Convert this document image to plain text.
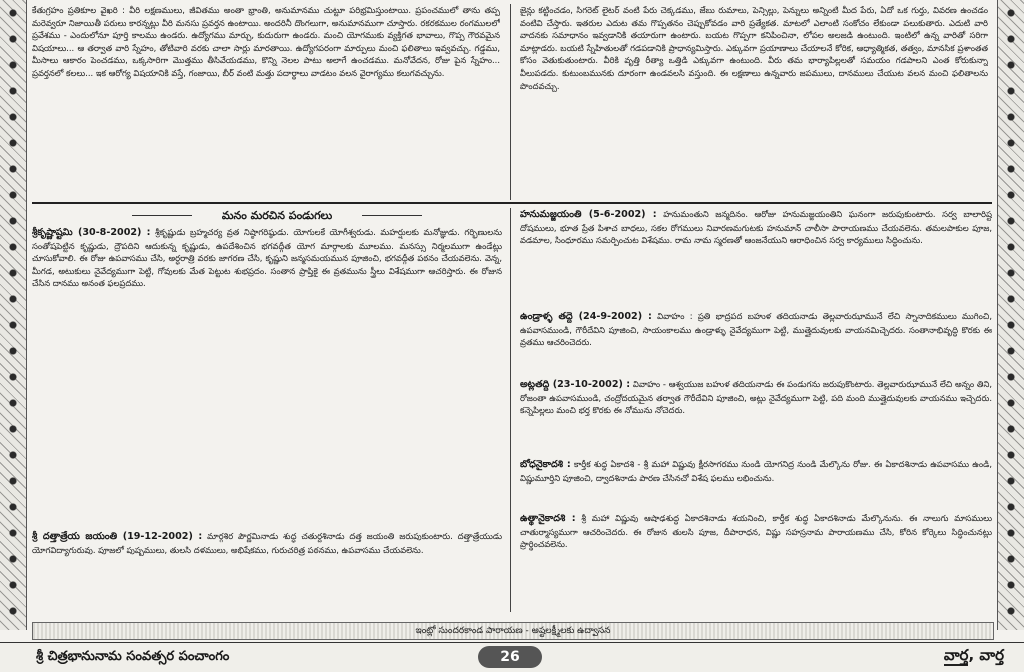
కేతుగ్రహం ప్రతికూల వైఖరి : వీరి లక్షణములు, జీవితము అంతా భ్రాంతి, అనుమానము చుట్టూ పరిభ్రమిస్తుంటాయి. ప్రపంచములో తాను తప్ప మరెవ్వరూ నిజాయితీ పరులు కారన్నట్లు వీరి మనసు ప్రవర్తన ఉంటాయి. అందరినీ దొంగలుగా, అనుమానముగా చూస్తారు. రకరకముల రంగములలో ప్రవేశము - ఎందులోనూ పూర్తి కాలము ఉండరు. ఉద్యోగము మార్చు, కుదురుగా ఉండరు. మంచి యోగముకు వ్యక్తిగత భావాలు, గొప్ప గౌరవమైన విషయాలు... ఆ తర్వాత వారి స్నేహం, తోటివారి వరకు చాలా సార్లు మారతాయి. ఉద్యోగపరంగా మార్పులు మంచి ఫలితాలు ఇవ్వవచ్చు. గడ్డము, మీసాలు ఆకారం పెంచడము, ఒక్కసారిగా మొత్తము తీసివేయడము, కొన్ని నెలల పాటు అలాగే ఉంచడము. మనోవేదన, రోజు పైన స్నేహం... ప్రవర్తనలో కలలు... ఇక ఆరోగ్య విషయానికి వస్తే, గంజాయి, బీర్ వంటి మత్తు పదార్థాలు వాడటం వలన వైరాగ్యము కలుగవచ్చును.

జైన్లు కట్టించడం, సిగరెట్ లైటర్ వంటి పేరు చెక్కడము, జేబు రుమాలు, పెన్సిల్లు, పెన్నులు అన్నింటి మీద పేరు, ఏదో ఒక గుర్తు, వివరణ ఉంచడం వంటివి చేస్తారు. ఇతరుల ఎదుట తమ గొప్పతనం చెప్పుకోవడం వారి ప్రత్యేకత. మాటలో ఎలాంటి సంకోచం లేకుండా పలుకుతారు. ఎదుటి వారి వాదనకు సమాధానం ఇవ్వడానికి తయారుగా ఉంటారు. బయట గొప్పగా కనిపించినా, లోపల అలజడి ఉంటుంది. ఇంటిలో ఉన్న వారితో సరిగా మాట్లాడరు. బయటి స్నేహితులతో గడపడానికి ప్రాధాన్యమిస్తారు. ఎక్కువగా ప్రయాణాలు చేయాలనే కోరిక, ఆధ్యాత్మికత, తత్వం, మానసిక ప్రశాంతత కోసం వెతుకుతుంటారు. వీరికి వృత్తి రీత్యా ఒత్తిడి ఎక్కువగా ఉంటుంది. వీరు తమ భార్యాపిల్లలతో సమయం గడపాలని ఎంత కోరుకున్నా వీలుపడదు. కుటుంబమునకు దూరంగా ఉండవలసి వస్తుంది. ఈ లక్షణాలు ఉన్నవారు జపములు, దానములు చేయుట వలన మంచి ఫలితాలను పొందవచ్చు.

మనం మరచిన పండుగలు

శ్రీకృష్ణాష్టమి (30-8-2002) : శ్రీకృష్ణుడు బ్రహ్మచర్య వ్రత నిష్ఠాగరిష్ఠుడు. యోగులకే యోగీశ్వరుడు. మహర్షులకు మనోజ్ఞుడు. గర్భిణులను సంతోషపెట్టిన కృష్ణుడు, ద్రౌపదిని ఆదుకున్న కృష్ణుడు, ఉపదేశించిన భగవద్గీత యోగ మార్గాలకు మూలము. మనస్సు నిర్మలముగా ఉండేట్లు చూసుకోవాలి. ఈ రోజు ఉపవాసము చేసి, అర్ధరాత్రి వరకు జాగరణ చేసి, కృష్ణుని జన్మసమయమున పూజించి, భగవద్గీత పఠనం చేయవలెను. వెన్న, మీగడ, అటుకులు నైవేద్యముగా పెట్టి, గోవులకు మేత పెట్టుట శుభప్రదం. సంతాన ప్రాప్తికై ఈ వ్రతమును స్త్రీలు విశేషముగా ఆచరిస్తారు. ఈ రోజున చేసిన దానము అనంత ఫలప్రదము.

శ్రీ దత్తాత్రేయ జయంతి (19-12-2002) : మార్గశిర పౌర్ణమినాడు శుద్ధ చతుర్దశినాడు దత్త జయంతి జరుపుకుంటారు. దత్తాత్రేయుడు యోగవిద్యాగురువు. పూజలో పుష్పములు, తులసి దళములు, అభిషేకము, గురుచరిత్ర పఠనము, ఉపవాసము చేయవలెను.

హనుమజ్జయంతి (5-6-2002) : హనుమంతుని జన్మదినం. ఆరోజు హనుమజ్జయంతిని ఘనంగా జరుపుకుంటారు. సర్వ బాలారిష్ట దోషములు, భూత ప్రేత పిశాచ బాధలు, సకల రోగములు నివారణమగుటకు హనుమాన్ చాలీసా పారాయణము చేయవలెను. తమలపాకుల పూజ, వడమాల, సింధూరము సమర్పించుట విశేషము. రామ నామ స్మరణతో ఆంజనేయుని ఆరాధించిన సర్వ కార్యములు సిద్ధించును.

ఉండ్రాళ్ళ తద్దె (24-9-2002) : వివాహం : ప్రతి భాద్రపద బహుళ తదియనాడు తెల్లవారుఝామునే లేచి స్నానాదికములు ముగించి, ఉపవాసముండి, గౌరీదేవిని పూజించి, సాయంకాలము ఉండ్రాళ్ళు నైవేద్యముగా పెట్టి, ముత్తైదువులకు వాయనమిచ్చెదరు. సంతానాభివృద్ధి కొరకు ఈ వ్రతము ఆచరించెదరు.

అట్లతద్ది (23-10-2002) : వివాహం - ఆశ్వయుజ బహుళ తదియనాడు ఈ పండుగను జరుపుకొంటారు. తెల్లవారుఝామునే లేచి అన్నం తిని, రోజంతా ఉపవాసముండి, చంద్రోదయమైన తర్వాత గౌరీదేవిని పూజించి, అట్లు నైవేద్యముగా పెట్టి, పది మంది ముత్తైదువులకు వాయనము ఇచ్చెదరు. కన్నెపిల్లలు మంచి భర్త కొరకు ఈ నోమును నోచెదరు.

బోధనైకాదశి : కార్తీక శుద్ధ ఏకాదశి - శ్రీ మహా విష్ణువు క్షీరసాగరము నుండి యోగనిద్ర నుండి మేల్కొను రోజు. ఈ ఏకాదశినాడు ఉపవాసము ఉండి, విష్ణుమూర్తిని పూజించి, ద్వాదశినాడు పారణ చేసినచో విశేష ఫలము లభించును.

ఉత్థానైకాదశి : శ్రీ మహా విష్ణువు ఆషాఢశుద్ధ ఏకాదశినాడు శయనించి, కార్తీక శుద్ధ ఏకాదశినాడు మేల్కొనును. ఈ నాలుగు మాసములు చాతుర్మాస్యముగా ఆచరించెదరు. ఈ రోజున తులసి పూజ, దీపారాధన, విష్ణు సహస్రనామ పారాయణము చేసి, కోరిన కోర్కెలు సిద్ధించునట్లు ప్రార్థించవలెను.

ఇంట్లో సుందరకాండ పారాయణ - అష్టలక్ష్మీలకు ఉద్వాసన
శ్రీ చిత్రభానునామ సంవత్సర పంచాంగం	26	వార్త, వార్త
